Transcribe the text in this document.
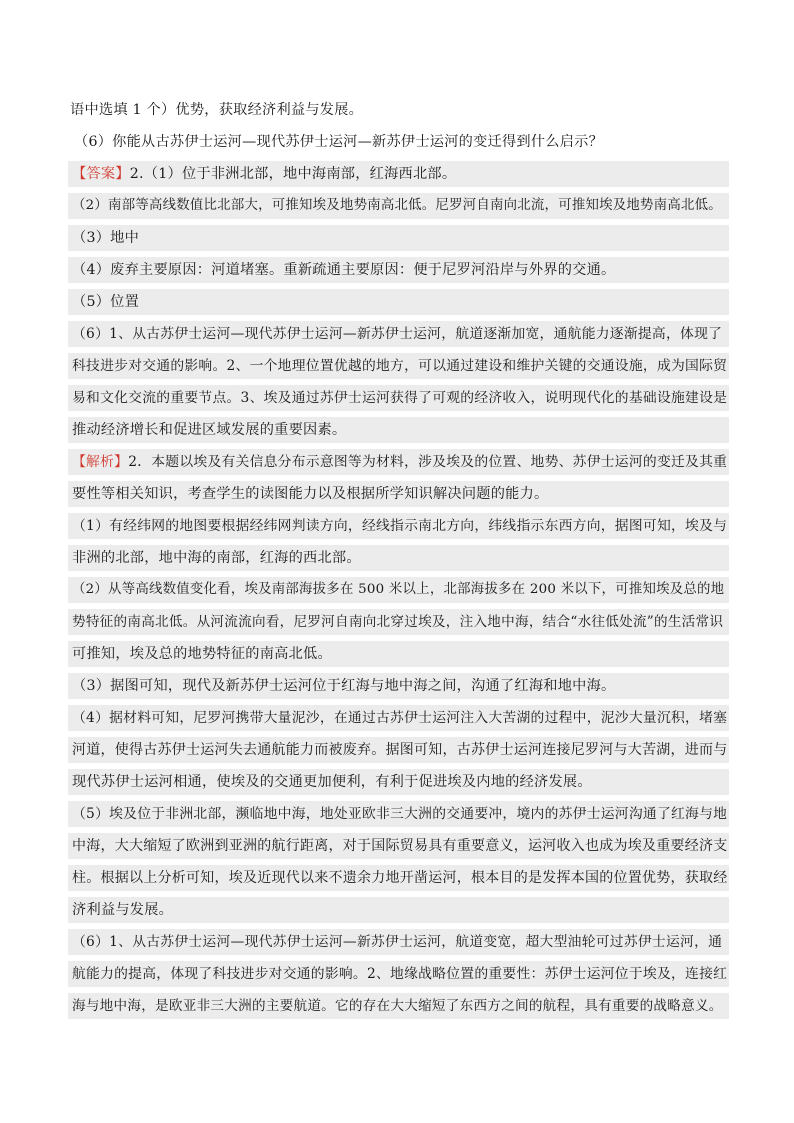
语中选填 1 个）优势，获取经济利益与发展。
（6）你能从古苏伊士运河—现代苏伊士运河—新苏伊士运河的变迁得到什么启示？
【答案】2.（1）位于非洲北部，地中海南部，红海西北部。
（2）南部等高线数值比北部大，可推知埃及地势南高北低。尼罗河自南向北流，可推知埃及地势南高北低。
（3）地中
（4）废弃主要原因：河道堵塞。重新疏通主要原因：便于尼罗河沿岸与外界的交通。
（5）位置
（6）1、从古苏伊士运河—现代苏伊士运河—新苏伊士运河，航道逐渐加宽，通航能力逐渐提高，体现了
科技进步对交通的影响。2、一个地理位置优越的地方，可以通过建设和维护关键的交通设施，成为国际贸
易和文化交流的重要节点。3、埃及通过苏伊士运河获得了可观的经济收入，说明现代化的基础设施建设是
推动经济增长和促进区域发展的重要因素。
【解析】2．本题以埃及有关信息分布示意图等为材料，涉及埃及的位置、地势、苏伊士运河的变迁及其重
要性等相关知识，考查学生的读图能力以及根据所学知识解决问题的能力。
（1）有经纬网的地图要根据经纬网判读方向，经线指示南北方向，纬线指示东西方向，据图可知，埃及与
非洲的北部，地中海的南部，红海的西北部。
（2）从等高线数值变化看，埃及南部海拔多在 500 米以上，北部海拔多在 200 米以下，可推知埃及总的地
势特征的南高北低。从河流流向看，尼罗河自南向北穿过埃及，注入地中海，结合“水往低处流”的生活常识
可推知，埃及总的地势特征的南高北低。
（3）据图可知，现代及新苏伊士运河位于红海与地中海之间，沟通了红海和地中海。
（4）据材料可知，尼罗河携带大量泥沙，在通过古苏伊士运河注入大苦湖的过程中，泥沙大量沉积，堵塞
河道，使得古苏伊士运河失去通航能力而被废弃。据图可知，古苏伊士运河连接尼罗河与大苦湖，进而与
现代苏伊士运河相通，使埃及的交通更加便利，有利于促进埃及内地的经济发展。
（5）埃及位于非洲北部，濒临地中海，地处亚欧非三大洲的交通要冲，境内的苏伊士运河沟通了红海与地
中海，大大缩短了欧洲到亚洲的航行距离，对于国际贸易具有重要意义，运河收入也成为埃及重要经济支
柱。根据以上分析可知，埃及近现代以来不遗余力地开凿运河，根本目的是发挥本国的位置优势，获取经
济利益与发展。
（6）1、从古苏伊士运河—现代苏伊士运河—新苏伊士运河，航道变宽，超大型油轮可过苏伊士运河，通
航能力的提高，体现了科技进步对交通的影响。2、地缘战略位置的重要性：苏伊士运河位于埃及，连接红
海与地中海，是欧亚非三大洲的主要航道。它的存在大大缩短了东西方之间的航程，具有重要的战略意义。
